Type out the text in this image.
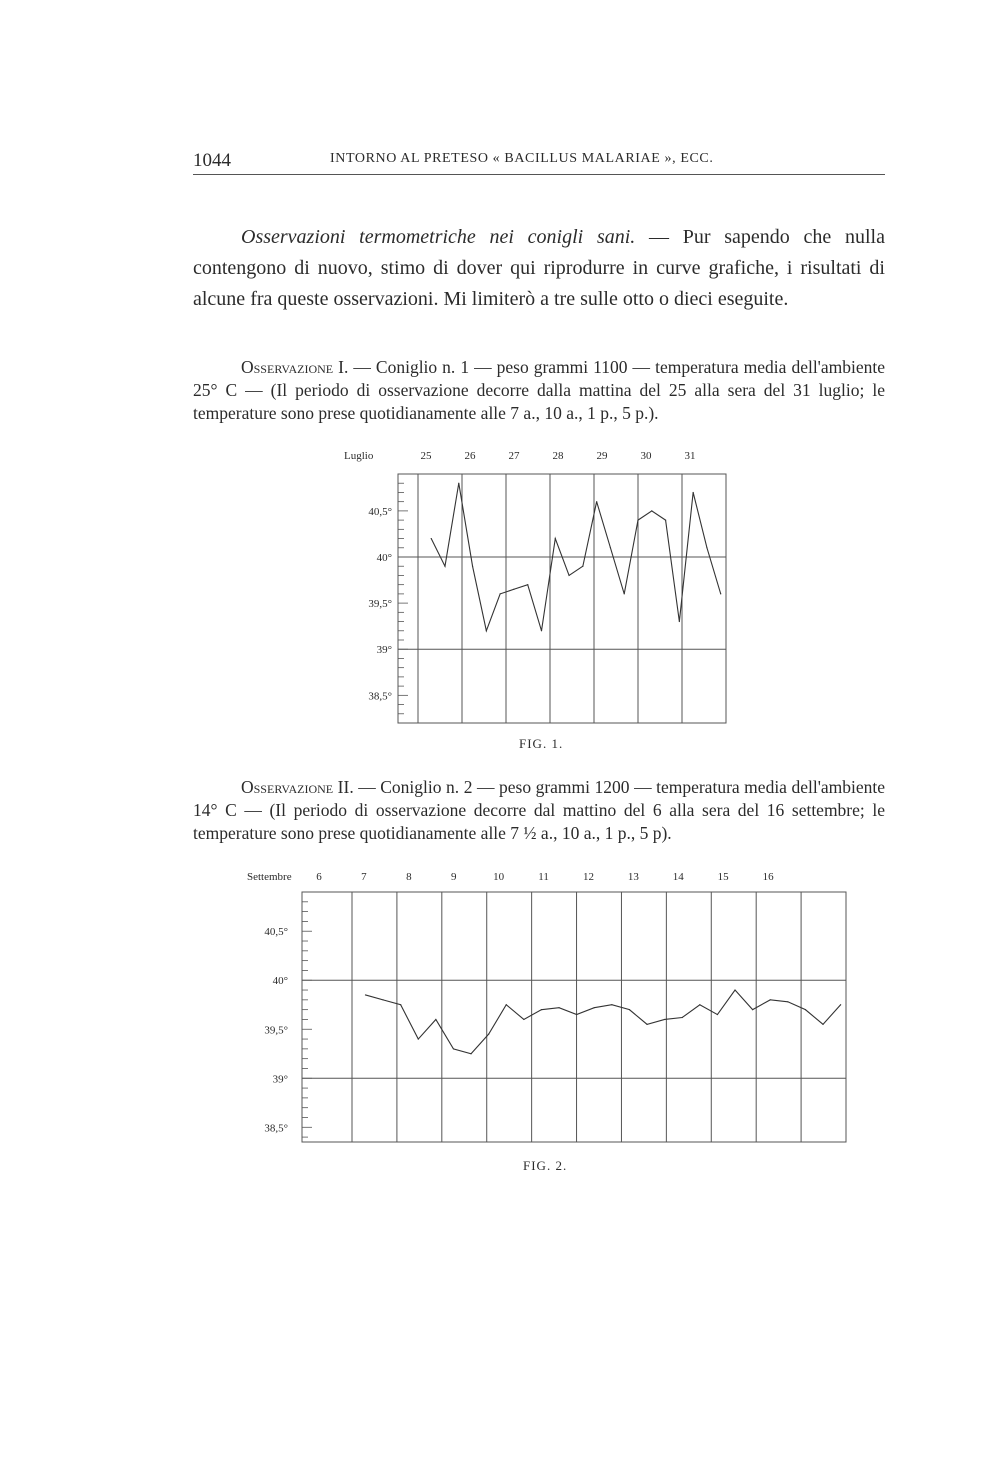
1044	INTORNO AL PRETESO « BACILLUS MALARIAE », ECC.

Osservazioni termometriche nei conigli sani. — Pur sapendo che nulla contengono di nuovo, stimo di dover qui riprodurre in curve grafiche, i risultati di alcune fra queste osservazioni. Mi limiterò a tre sulle otto o dieci eseguite.

Osservazione I. — Coniglio n. 1 — peso grammi 1100 — temperatura media dell'ambiente 25° C — (Il periodo di osservazione decorre dalla mattina del 25 alla sera del 31 luglio; le temperature sono prese quotidianamente alle 7 a., 10 a., 1 p., 5 p.).

40,5°
40°
39,5°
39°
38,5°
Luglio	25	26	27	28	29	30	31
FIG. 1.

Osservazione II. — Coniglio n. 2 — peso grammi 1200 — temperatura media dell'ambiente 14° C — (Il periodo di osservazione decorre dal mattino del 6 alla sera del 16 settembre; le temperature sono prese quotidianamente alle 7 ½ a., 10 a., 1 p., 5 p).

40,5°
40°
39,5°
39°
38,5°
Settembre 6	7	8	9	10	11	12	13	14	15	16
FIG. 2.
